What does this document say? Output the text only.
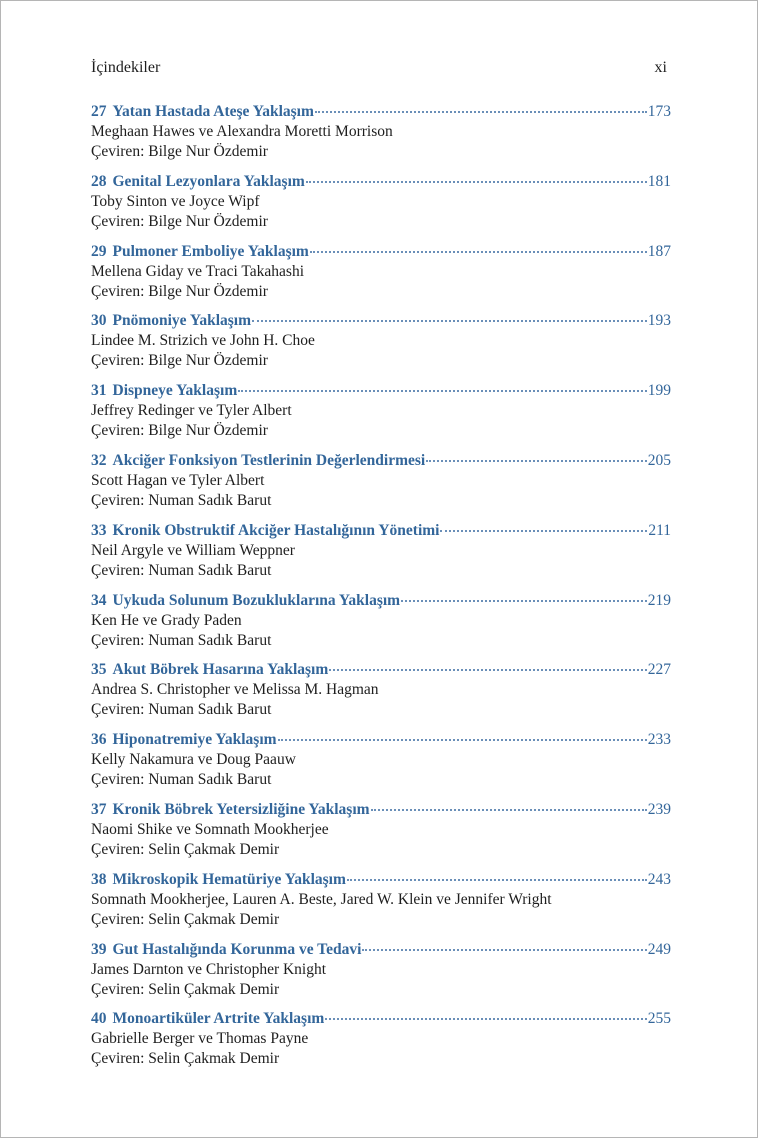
İçindekiler	xi
27 Yatan Hastada Ateşe Yaklaşım	173
Meghaan Hawes ve Alexandra Moretti Morrison
Çeviren: Bilge Nur Özdemir
28 Genital Lezyonlara Yaklaşım	181
Toby Sinton ve Joyce Wipf
Çeviren: Bilge Nur Özdemir
29 Pulmoner Emboliye Yaklaşım	187
Mellena Giday ve Traci Takahashi
Çeviren: Bilge Nur Özdemir
30 Pnömoniye Yaklaşım	193
Lindee M. Strizich ve John H. Choe
Çeviren: Bilge Nur Özdemir
31 Dispneye Yaklaşım	199
Jeffrey Redinger ve Tyler Albert
Çeviren: Bilge Nur Özdemir
32 Akciğer Fonksiyon Testlerinin Değerlendirmesi	205
Scott Hagan ve Tyler Albert
Çeviren: Numan Sadık Barut
33 Kronik Obstruktif Akciğer Hastalığının Yönetimi	211
Neil Argyle ve William Weppner
Çeviren: Numan Sadık Barut
34 Uykuda Solunum Bozukluklarına Yaklaşım	219
Ken He ve Grady Paden
Çeviren: Numan Sadık Barut
35 Akut Böbrek Hasarına Yaklaşım	227
Andrea S. Christopher ve Melissa M. Hagman
Çeviren: Numan Sadık Barut
36 Hiponatremiye Yaklaşım	233
Kelly Nakamura ve Doug Paauw
Çeviren: Numan Sadık Barut
37 Kronik Böbrek Yetersizliğine Yaklaşım	239
Naomi Shike ve Somnath Mookherjee
Çeviren: Selin Çakmak Demir
38 Mikroskopik Hematüriye Yaklaşım	243
Somnath Mookherjee, Lauren A. Beste, Jared W. Klein ve Jennifer Wright
Çeviren: Selin Çakmak Demir
39 Gut Hastalığında Korunma ve Tedavi	249
James Darnton ve Christopher Knight
Çeviren: Selin Çakmak Demir
40 Monoartiküler Artrite Yaklaşım	255
Gabrielle Berger ve Thomas Payne
Çeviren: Selin Çakmak Demir
